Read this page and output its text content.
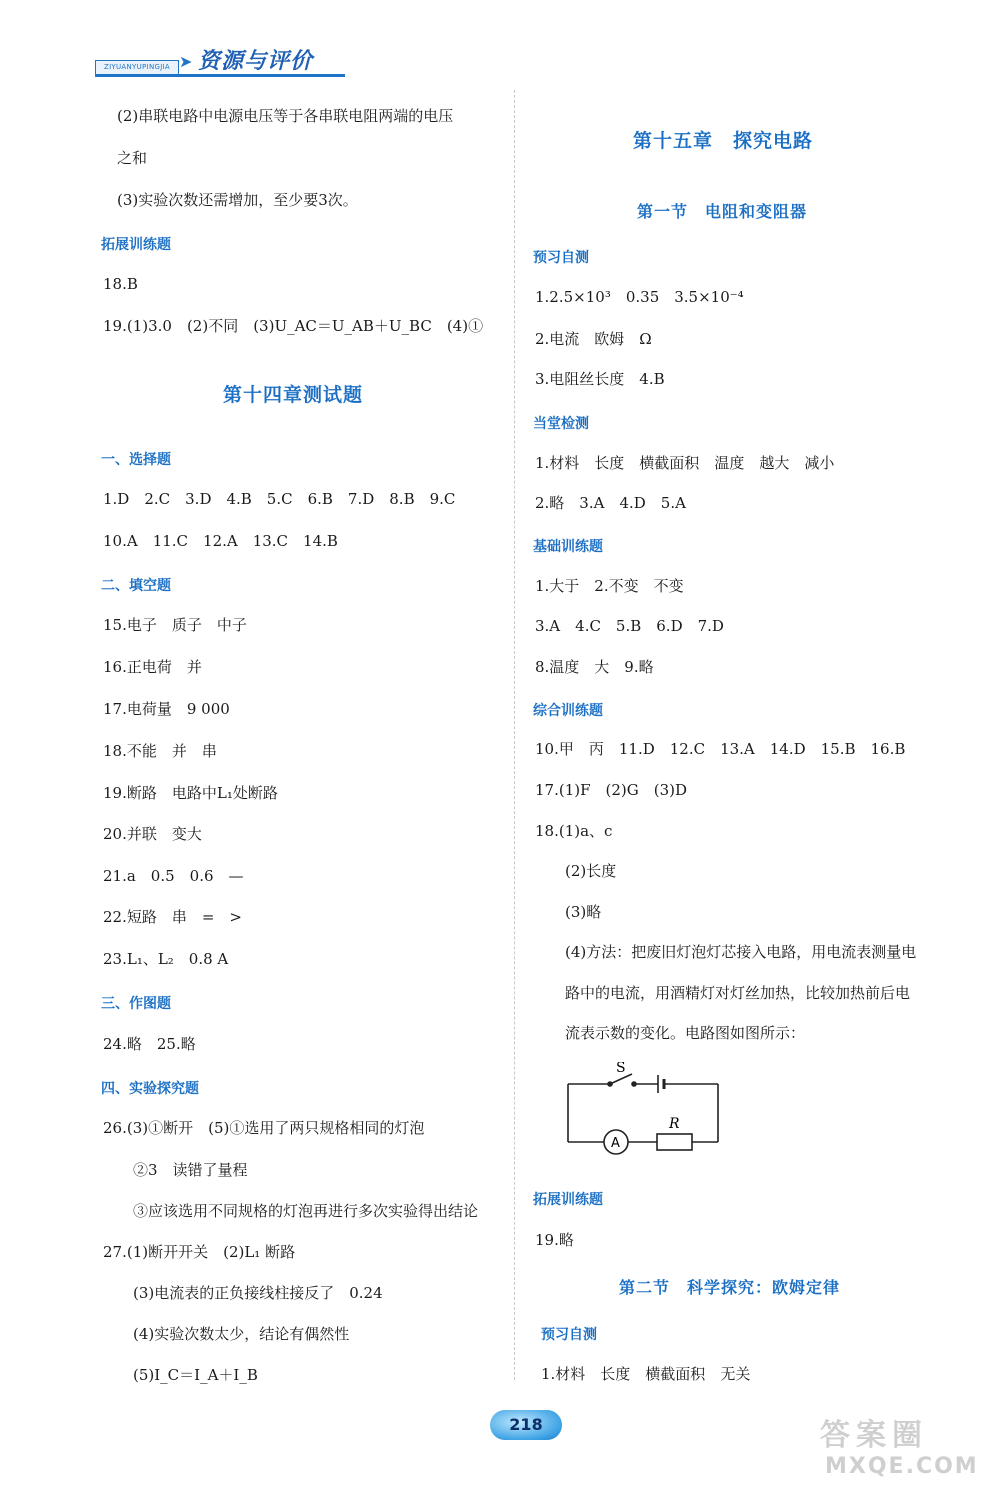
ZIYUANYUPINGJIA ➤ 资源与评价
(2)串联电路中电源电压等于各串联电阻两端的电压
之和
(3)实验次数还需增加，至少要3次。
拓展训练题
18.B
19.(1)3.0　(2)不同　(3)U_AC＝U_AB＋U_BC　(4)①
第十四章测试题
一、选择题
1.D　2.C　3.D　4.B　5.C　6.B　7.D　8.B　9.C
10.A　11.C　12.A　13.C　14.B
二、填空题
15.电子　质子　中子
16.正电荷　并
17.电荷量　9 000
18.不能　并　串
19.断路　电路中L₁处断路
20.并联　变大
21.a　0.5　0.6　—
22.短路　串　=　>
23.L₁、L₂　0.8 A
三、作图题
24.略　25.略
四、实验探究题
26.(3)①断开　(5)①选用了两只规格相同的灯泡
②3　读错了量程
③应该选用不同规格的灯泡再进行多次实验得出结论
27.(1)断开开关　(2)L₁ 断路
(3)电流表的正负接线柱接反了　0.24
(4)实验次数太少，结论有偶然性
(5)I_C＝I_A＋I_B
第十五章　探究电路
第一节　电阻和变阻器
预习自测
1.2.5×10³　0.35　3.5×10⁻⁴
2.电流　欧姆　Ω
3.电阻丝长度　4.B
当堂检测
1.材料　长度　横截面积　温度　越大　减小
2.略　3.A　4.D　5.A
基础训练题
1.大于　2.不变　不变
3.A　4.C　5.B　6.D　7.D
8.温度　大　9.略
综合训练题
10.甲　丙　11.D　12.C　13.A　14.D　15.B　16.B
17.(1)F　(2)G　(3)D
18.(1)a、c
(2)长度
(3)略
(4)方法：把废旧灯泡灯芯接入电路，用电流表测量电
路中的电流，用酒精灯对灯丝加热，比较加热前后电
流表示数的变化。电路图如图所示：
S
A
R
拓展训练题
19.略
第二节　科学探究：欧姆定律
预习自测
1.材料　长度　横截面积　无关
218	答案圈
MXQE.COM
